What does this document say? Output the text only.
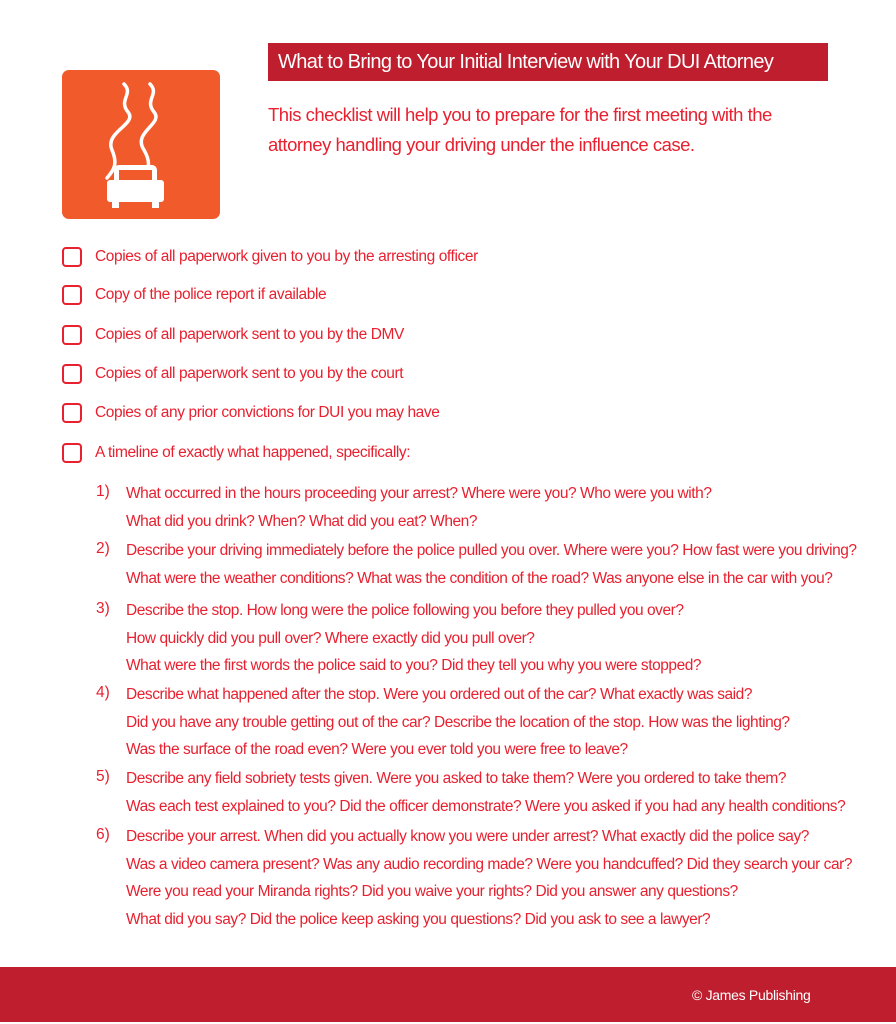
What to Bring to Your Initial Interview with Your DUI Attorney
This checklist will help you to prepare for the first meeting with the
attorney handling your driving under the influence case.
Copies of all paperwork given to you by the arresting officer
Copy of the police report if available
Copies of all paperwork sent to you by the DMV
Copies of all paperwork sent to you by the court
Copies of any prior convictions for DUI you may have
A timeline of exactly what happened, specifically:
1) What occurred in the hours proceeding your arrest? Where were you? Who were you with?
What did you drink? When? What did you eat? When?
2) Describe your driving immediately before the police pulled you over. Where were you? How fast were you driving?
What were the weather conditions? What was the condition of the road? Was anyone else in the car with you?
3) Describe the stop. How long were the police following you before they pulled you over?
How quickly did you pull over? Where exactly did you pull over?
What were the first words the police said to you? Did they tell you why you were stopped?
4) Describe what happened after the stop. Were you ordered out of the car? What exactly was said?
Did you have any trouble getting out of the car? Describe the location of the stop. How was the lighting?
Was the surface of the road even? Were you ever told you were free to leave?
5) Describe any field sobriety tests given. Were you asked to take them? Were you ordered to take them?
Was each test explained to you? Did the officer demonstrate? Were you asked if you had any health conditions?
6) Describe your arrest. When did you actually know you were under arrest? What exactly did the police say?
Was a video camera present? Was any audio recording made? Were you handcuffed? Did they search your car?
Were you read your Miranda rights? Did you waive your rights? Did you answer any questions?
What did you say? Did the police keep asking you questions? Did you ask to see a lawyer?
© James Publishing
